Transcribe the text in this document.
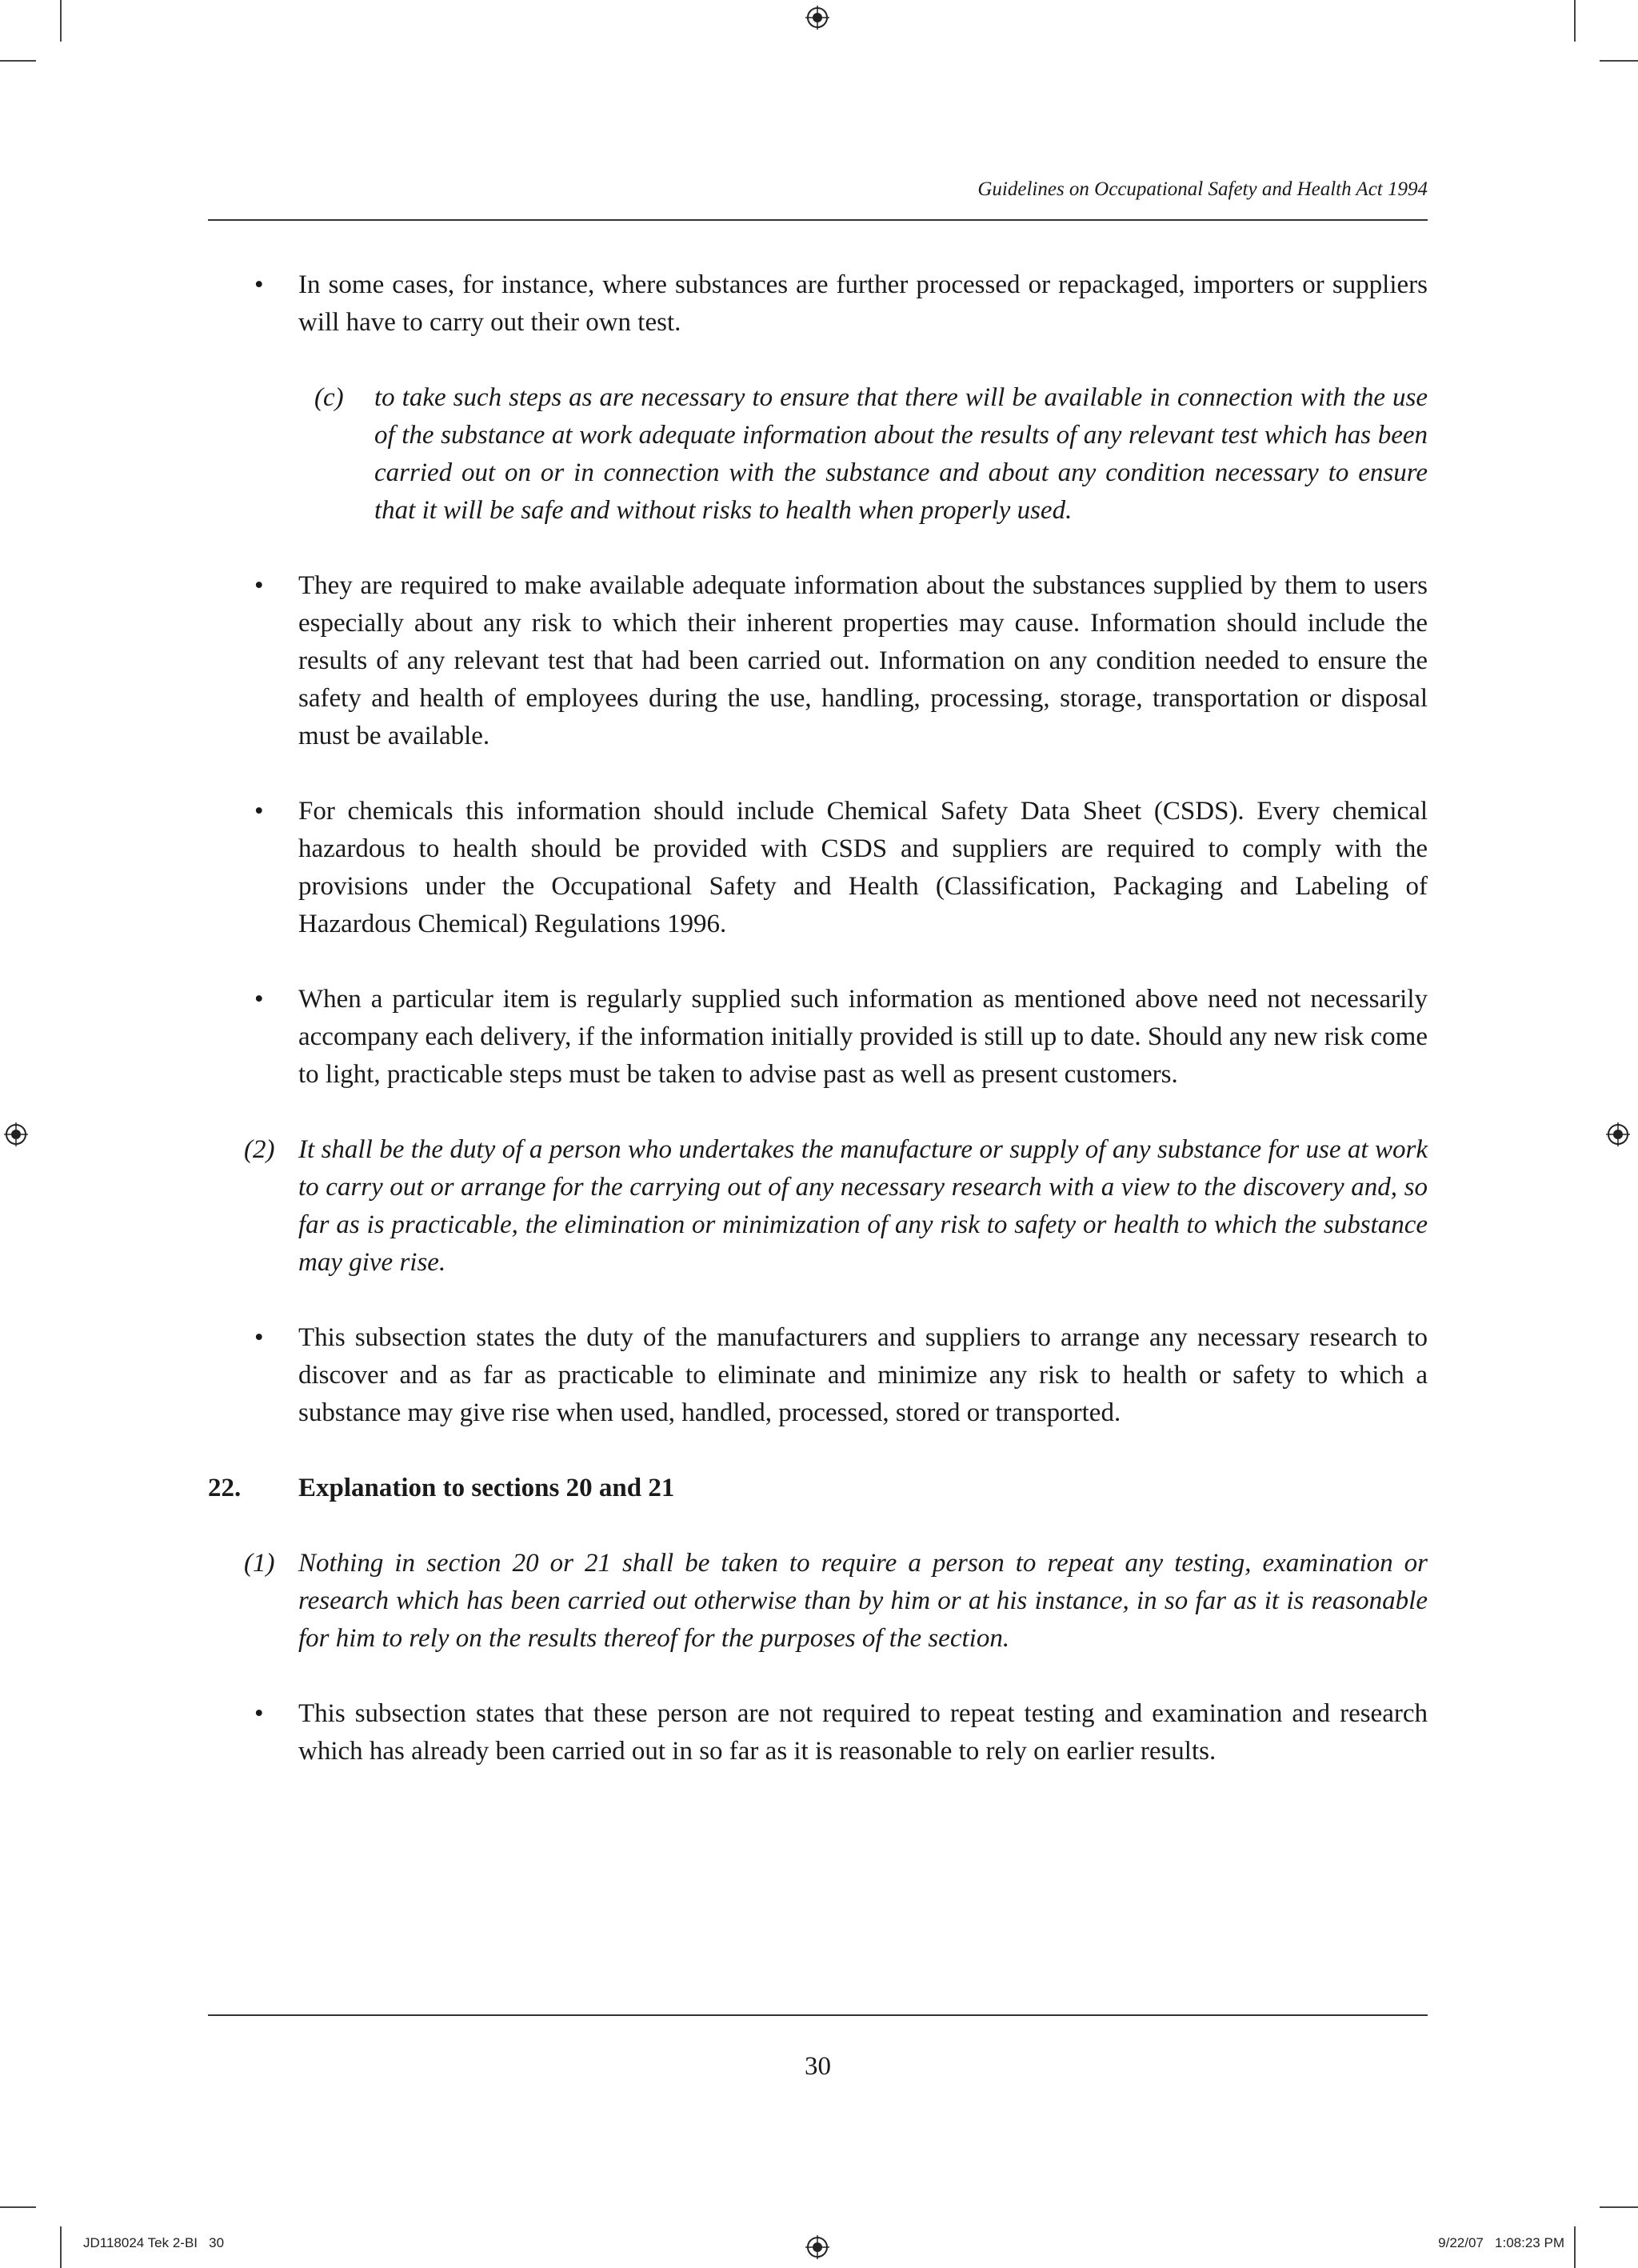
Guidelines on Occupational Safety and Health Act 1994
• In some cases, for instance, where substances are further processed or repackaged, importers or suppliers will have to carry out their own test.
(c) to take such steps as are necessary to ensure that there will be available in connection with the use of the substance at work adequate information about the results of any relevant test which has been carried out on or in connection with the substance and about any condition necessary to ensure that it will be safe and without risks to health when properly used.
• They are required to make available adequate information about the substances supplied by them to users especially about any risk to which their inherent properties may cause. Information should include the results of any relevant test that had been carried out. Information on any condition needed to ensure the safety and health of employees during the use, handling, processing, storage, transportation or disposal must be available.
• For chemicals this information should include Chemical Safety Data Sheet (CSDS). Every chemical hazardous to health should be provided with CSDS and suppliers are required to comply with the provisions under the Occupational Safety and Health (Classification, Packaging and Labeling of Hazardous Chemical) Regulations 1996.
• When a particular item is regularly supplied such information as mentioned above need not necessarily accompany each delivery, if the information initially provided is still up to date. Should any new risk come to light, practicable steps must be taken to advise past as well as present customers.
(2) It shall be the duty of a person who undertakes the manufacture or supply of any substance for use at work to carry out or arrange for the carrying out of any necessary research with a view to the discovery and, so far as is practicable, the elimination or minimization of any risk to safety or health to which the substance may give rise.
• This subsection states the duty of the manufacturers and suppliers to arrange any necessary research to discover and as far as practicable to eliminate and minimize any risk to health or safety to which a substance may give rise when used, handled, processed, stored or transported.
22. Explanation to sections 20 and 21
(1) Nothing in section 20 or 21 shall be taken to require a person to repeat any testing, examination or research which has been carried out otherwise than by him or at his instance, in so far as it is reasonable for him to rely on the results thereof for the purposes of the section.
• This subsection states that these person are not required to repeat testing and examination and research which has already been carried out in so far as it is reasonable to rely on earlier results.
30
JD118024 Tek 2-BI   30	9/22/07   1:08:23 PM
